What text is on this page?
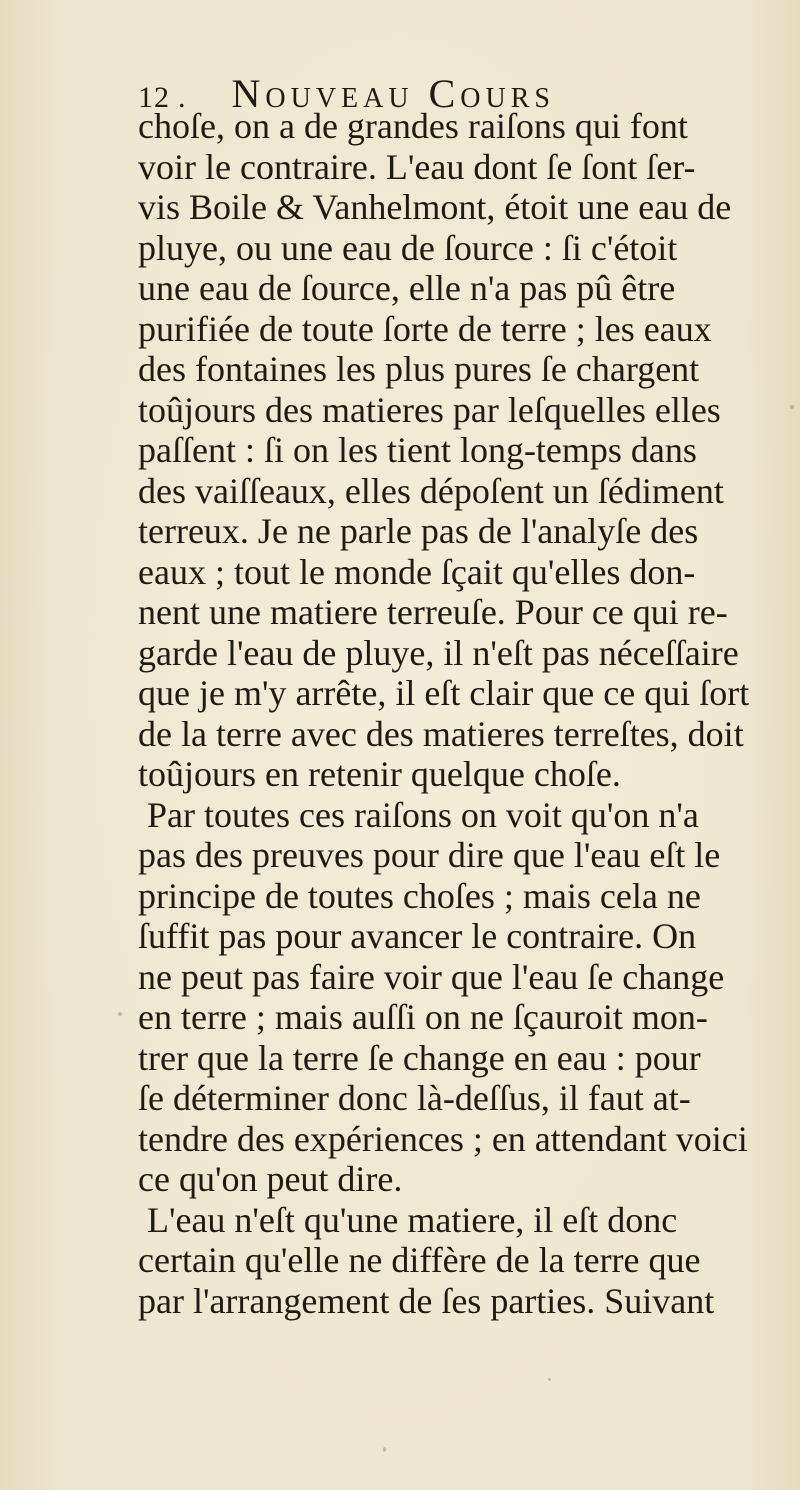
12 . Nouveau Cours
choſe, on a de grandes raiſons qui font
voir le contraire. L'eau dont ſe ſont ſer-
vis Boile & Vanhelmont, étoit une eau de
pluye, ou une eau de ſource : ſi c'étoit
une eau de ſource, elle n'a pas pû être
purifiée de toute ſorte de terre ; les eaux
des fontaines les plus pures ſe chargent
toûjours des matieres par leſquelles elles
paſſent : ſi on les tient long-temps dans
des vaiſſeaux, elles dépoſent un ſédiment
terreux. Je ne parle pas de l'analyſe des
eaux ; tout le monde ſçait qu'elles don-
nent une matiere terreuſe. Pour ce qui re-
garde l'eau de pluye, il n'eſt pas néceſſaire
que je m'y arrête, il eſt clair que ce qui ſort
de la terre avec des matieres terreſtes, doit
toûjours en retenir quelque choſe.
Par toutes ces raiſons on voit qu'on n'a
pas des preuves pour dire que l'eau eſt le
principe de toutes choſes ; mais cela ne
ſuffit pas pour avancer le contraire. On
ne peut pas faire voir que l'eau ſe change
en terre ; mais auſſi on ne ſçauroit mon-
trer que la terre ſe change en eau : pour
ſe déterminer donc là-deſſus, il faut at-
tendre des expériences ; en attendant voici
ce qu'on peut dire.
L'eau n'eſt qu'une matiere, il eſt donc
certain qu'elle ne diffère de la terre que
par l'arrangement de ſes parties. Suivant
